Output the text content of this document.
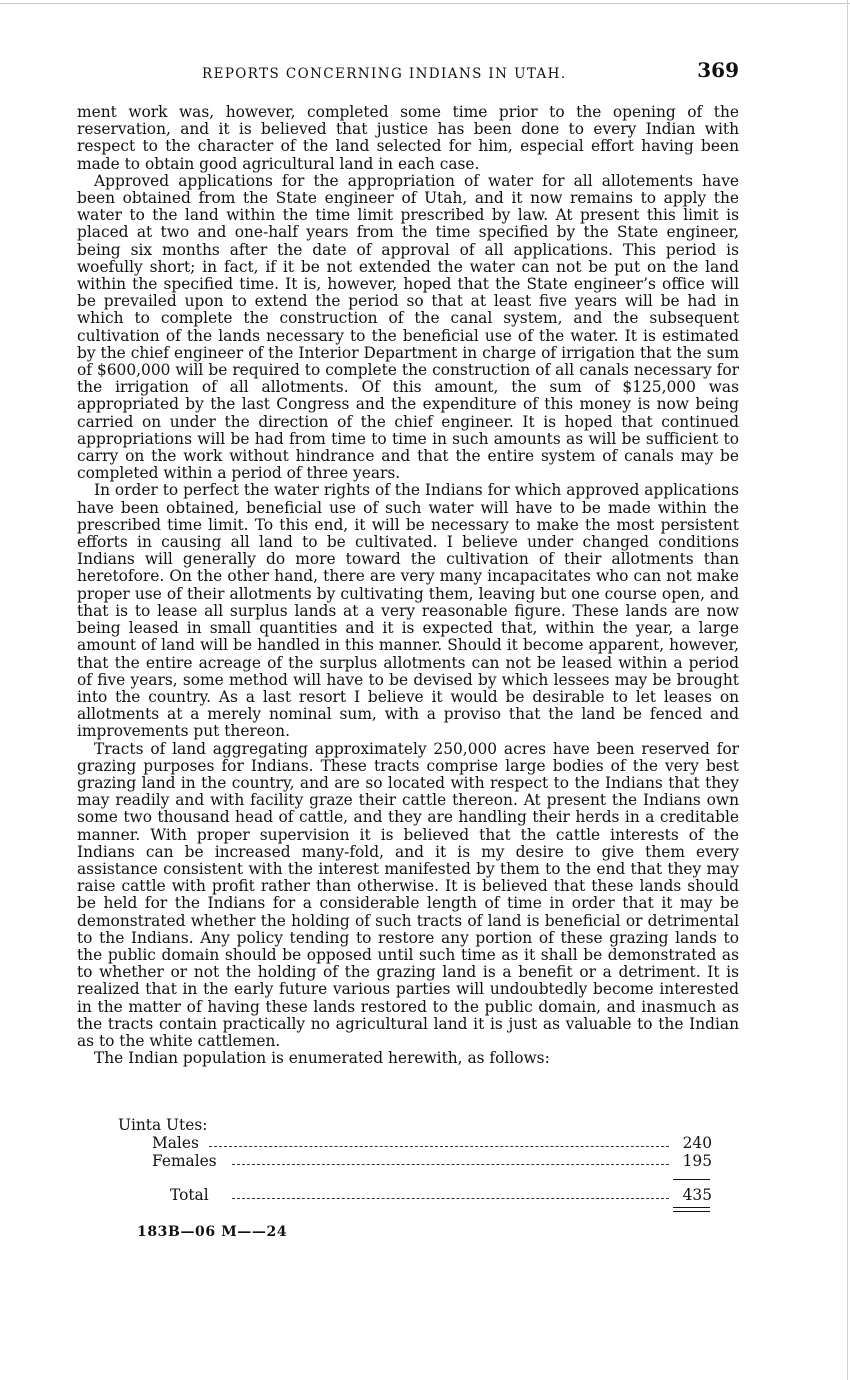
REPORTS CONCERNING INDIANS IN UTAH.	369

ment work was, however, completed some time prior to the opening of the reservation, and it is believed that justice has been done to every Indian with respect to the character of the land selected for him, especial effort having been made to obtain good agricultural land in each case.

Approved applications for the appropriation of water for all allotements have been obtained from the State engineer of Utah, and it now remains to apply the water to the land within the time limit prescribed by law. At present this limit is placed at two and one-half years from the time specified by the State engineer, being six months after the date of approval of all applications. This period is woefully short; in fact, if it be not extended the water can not be put on the land within the specified time. It is, however, hoped that the State engineer’s office will be prevailed upon to extend the period so that at least five years will be had in which to complete the construction of the canal system, and the subsequent cultivation of the lands necessary to the beneficial use of the water. It is estimated by the chief engineer of the Interior Department in charge of irrigation that the sum of $600,000 will be required to complete the construction of all canals necessary for the irrigation of all allotments. Of this amount, the sum of $125,000 was appropriated by the last Congress and the expenditure of this money is now being carried on under the direction of the chief engineer. It is hoped that continued appropriations will be had from time to time in such amounts as will be sufficient to carry on the work without hindrance and that the entire system of canals may be completed within a period of three years.

In order to perfect the water rights of the Indians for which approved applications have been obtained, beneficial use of such water will have to be made within the prescribed time limit. To this end, it will be necessary to make the most persistent efforts in causing all land to be cultivated. I believe under changed conditions Indians will generally do more toward the cultivation of their allotments than heretofore. On the other hand, there are very many incapacitates who can not make proper use of their allotments by cultivating them, leaving but one course open, and that is to lease all surplus lands at a very reasonable figure. These lands are now being leased in small quantities and it is expected that, within the year, a large amount of land will be handled in this manner. Should it become apparent, however, that the entire acreage of the surplus allotments can not be leased within a period of five years, some method will have to be devised by which lessees may be brought into the country. As a last resort I believe it would be desirable to let leases on allotments at a merely nominal sum, with a proviso that the land be fenced and improvements put thereon.

Tracts of land aggregating approximately 250,000 acres have been reserved for grazing purposes for Indians. These tracts comprise large bodies of the very best grazing land in the country, and are so located with respect to the Indians that they may readily and with facility graze their cattle thereon. At present the Indians own some two thousand head of cattle, and they are handling their herds in a creditable manner. With proper supervision it is believed that the cattle interests of the Indians can be increased many-fold, and it is my desire to give them every assistance consistent with the interest manifested by them to the end that they may raise cattle with profit rather than otherwise. It is believed that these lands should be held for the Indians for a considerable length of time in order that it may be demonstrated whether the holding of such tracts of land is beneficial or detrimental to the Indians. Any policy tending to restore any portion of these grazing lands to the public domain should be opposed until such time as it shall be demonstrated as to whether or not the holding of the grazing land is a benefit or a detriment. It is realized that in the early future various parties will undoubtedly become interested in the matter of having these lands restored to the public domain, and inasmuch as the tracts contain practically no agricultural land it is just as valuable to the Indian as to the white cattlemen.

The Indian population is enumerated herewith, as follows:

Uinta Utes:
Males	240
Females	195
Total	435
183B—06 M——24
